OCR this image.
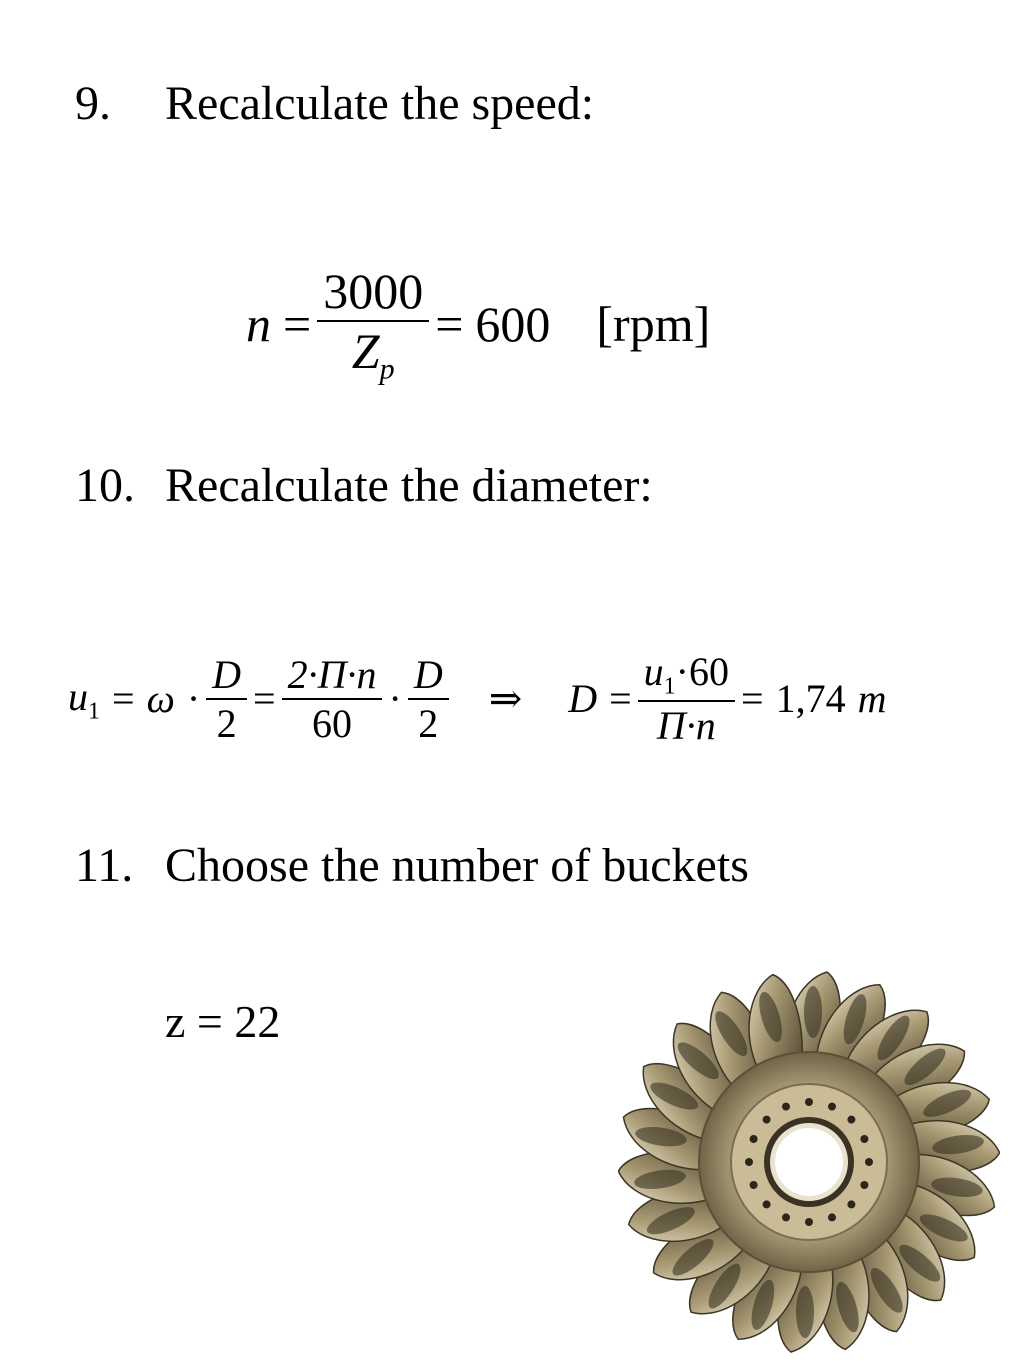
9. Recalculate the speed:
$n = \frac{3000}{Z_p} = 600$ [rpm]
10. Recalculate the diameter:
$u_1 = \omega \cdot \frac{D}{2} = \frac{2\cdot\Pi\cdot n}{60} \cdot \frac{D}{2}$ ⇒ $D = \frac{u_1\cdot 60}{\Pi\cdot n} = 1,74$ m
11. Choose the number of buckets
z = 22
